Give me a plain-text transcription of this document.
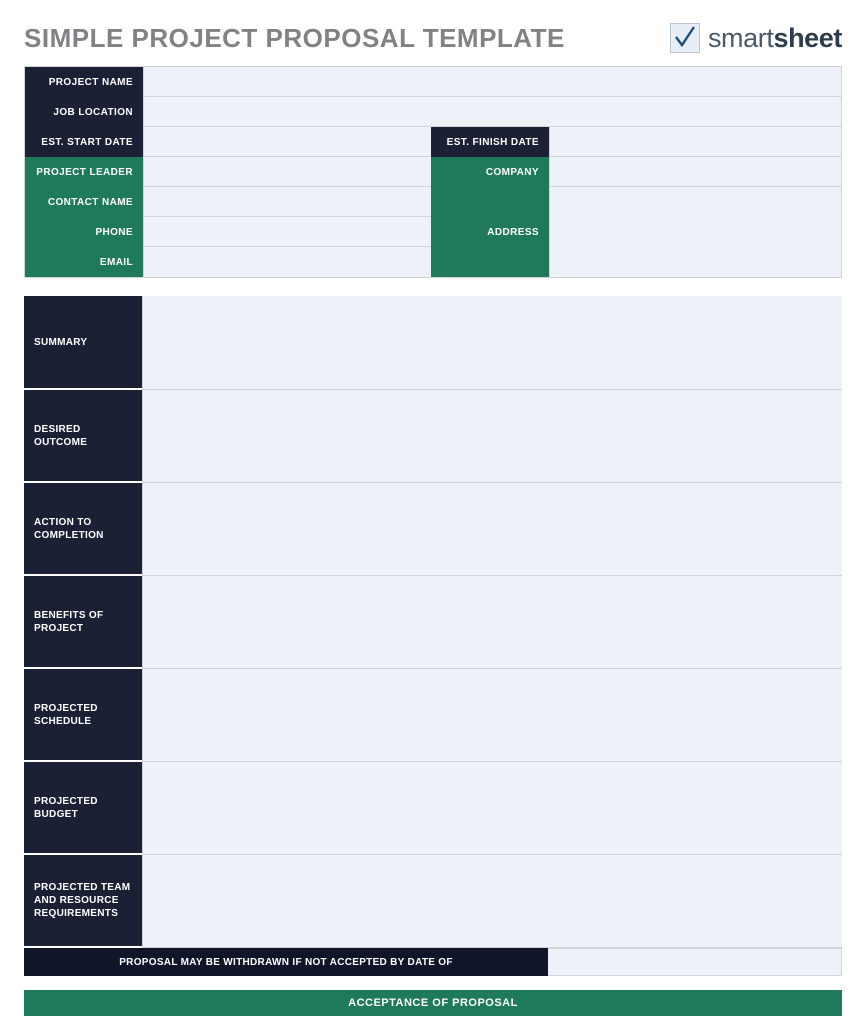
SIMPLE PROJECT PROPOSAL TEMPLATE	smartsheet
PROJECT NAME
JOB LOCATION
EST. START DATE	EST. FINISH DATE
PROJECT LEADER	COMPANY
CONTACT NAME
PHONE
EMAIL
ADDRESS
SUMMARY
DESIRED OUTCOME
ACTION TO COMPLETION
BENEFITS OF PROJECT
PROJECTED SCHEDULE
PROJECTED BUDGET
PROJECTED TEAM AND RESOURCE REQUIREMENTS
PROPOSAL MAY BE WITHDRAWN IF NOT ACCEPTED BY DATE OF
ACCEPTANCE OF PROPOSAL
